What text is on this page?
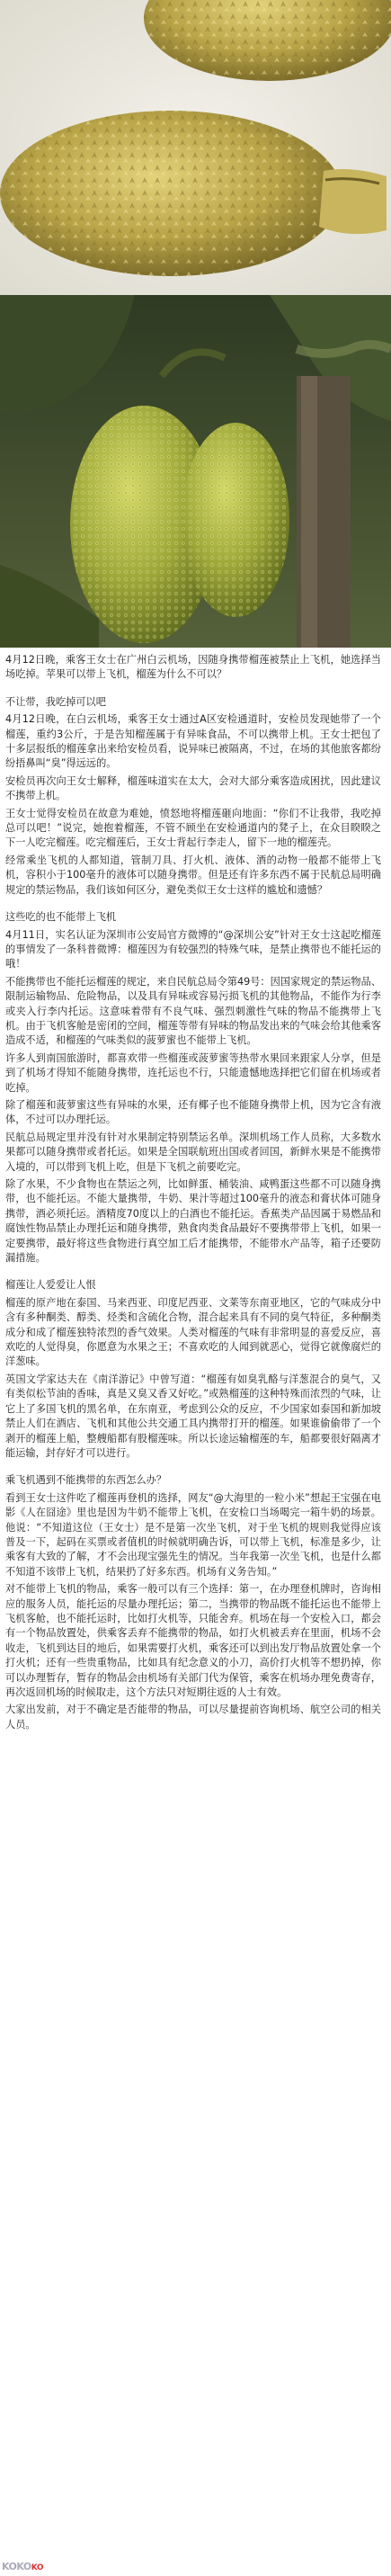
4月12日晚，乘客王女士在广州白云机场，因随身携带榴莲被禁止上飞机，她选择当场吃掉。苹果可以带上飞机，榴莲为什么不可以？

不让带，我吃掉可以吧

4月12日晚，在白云机场，乘客王女士通过A区安检通道时，安检员发现她带了一个榴莲，重约3公斤，于是告知榴莲属于有异味食品，不可以携带上机。王女士把包了十多层报纸的榴莲拿出来给安检员看，说异味已被隔离，不过，在场的其他旅客都纷纷捂鼻叫“臭”得远远的。

安检员再次向王女士解释，榴莲味道实在太大，会对大部分乘客造成困扰，因此建议不携带上机。

王女士觉得安检员在故意为难她，愤怒地将榴莲砸向地面：“你们不让我带，我吃掉总可以吧！”说完，她抱着榴莲，不管不顾坐在安检通道内的凳子上，在众目睽睽之下一人吃完榴莲。吃完榴莲后，王女士背起行李走人，留下一地的榴莲壳。

经常乘坐飞机的人都知道，管制刀具、打火机、液体、酒的动物一般都不能带上飞机，容积小于100毫升的液体可以随身携带。但是还有许多东西不属于民航总局明确规定的禁运物品，我们该如何区分，避免类似王女士这样的尴尬和遗憾？

这些吃的也不能带上飞机

4月11日，实名认证为深圳市公安局官方微博的“@深圳公安”针对王女士这起吃榴莲的事情发了一条科普微博：榴莲因为有较强烈的特殊气味，是禁止携带也不能托运的哦！

不能携带也不能托运榴莲的规定，来自民航总局令第49号：因国家规定的禁运物品、限制运输物品、危险物品，以及具有异味或容易污损飞机的其他物品，不能作为行李或夹入行李内托运。这意味着带有不良气味、强烈刺激性气味的物品不能携带上飞机。由于飞机客舱是密闭的空间，榴莲等带有异味的物品发出来的气味会给其他乘客造成不适，和榴莲的气味类似的菠萝蜜也不能带上飞机。

许多人到南国旅游时，都喜欢带一些榴莲或菠萝蜜等热带水果回来跟家人分享，但是到了机场才得知不能随身携带，连托运也不行，只能遗憾地选择把它们留在机场或者吃掉。

除了榴莲和菠萝蜜这些有异味的水果，还有椰子也不能随身携带上机，因为它含有液体，不过可以办理托运。

民航总局规定里并没有针对水果制定特别禁运名单。深圳机场工作人员称，大多数水果都可以随身携带或者托运。如果是全国联航班出国或者回国，新鲜水果是不能携带入境的，可以带到飞机上吃，但是下飞机之前要吃完。

除了水果，不少食物也在禁运之列，比如鲜蛋、桶装油、咸鸭蛋这些都不可以随身携带，也不能托运。不能大量携带，牛奶、果汁等超过100毫升的液态和膏状体可随身携带，酒必须托运。酒精度70度以上的白酒也不能托运。香蕉类产品因属于易燃品和腐蚀性物品禁止办理托运和随身携带，熟食肉类食品最好不要携带带上飞机，如果一定要携带，最好将这些食物进行真空加工后才能携带，不能带水产品等，箱子还要防漏措施。

榴莲让人爱爱让人恨

榴莲的原产地在泰国、马来西亚、印度尼西亚、文莱等东南亚地区，它的气味成分中含有多种酮类、醇类、烃类和含硫化合物，混合起来具有不同的臭气特征，多种酮类成分和成了榴莲独特浓烈的香气效果。人类对榴莲的气味有非常明显的喜爱反应，喜欢吃的人觉得臭，你愿意为水果之王；不喜欢吃的人闻到就恶心，觉得它就像腐烂的洋葱味。

英国文学家达夫在《南洋游记》中曾写道：“榴莲有如臭乳酪与洋葱混合的臭气，又有类似松节油的香味，真是又臭又香又好吃。”或熟榴莲的这种特殊而浓烈的气味，让它上了多国飞机的黑名单，在东南亚，考虑到公众的反应，不少国家如泰国和新加坡禁止人们在酒店、飞机和其他公共交通工具内携带打开的榴莲。如果谁偷偷带了一个剥开的榴莲上船，整艘船都有股榴莲味。所以长途运输榴莲的车，船都要很好隔离才能运输，封存好才可以进行。

乘飞机遇到不能携带的东西怎么办？

看到王女士这件吃了榴莲再登机的选择，网友“@大海里的一粒小米”想起王宝强在电影《人在囧途》里也是因为牛奶不能带上飞机，在安检口当场喝完一箱牛奶的场景。他说：“不知道这位（王女士）是不是第一次坐飞机，对于坐飞机的规则我觉得应该普及一下，起码在买票或者值机的时候就明确告诉，可以带上飞机，标准是多少，让乘客有大致的了解，才不会出现宝强先生的情况。当年我第一次坐飞机，也是什么都不知道不该带上飞机，结果扔了好多东西。机场有义务告知。”

对不能带上飞机的物品，乘客一般可以有三个选择：第一，在办理登机牌时，咨询相应的服务人员，能托运的尽量办理托运；第二，当携带的物品既不能托运也不能带上飞机客舱，也不能托运时，比如打火机等，只能舍弃。机场在每一个安检入口，都会有一个物品放置处，供乘客丢弃不能携带的物品，如打火机被丢弃在里面，机场不会收走，飞机到达目的地后，如果需要打火机，乘客还可以到出发厅物品放置处拿一个打火机；还有一些贵重物品，比如具有纪念意义的小刀，高价打火机等不想扔掉，你可以办理暂存，暂存的物品会由机场有关部门代为保管，乘客在机场办理免费寄存，再次返回机场的时候取走，这个方法只对短期往返的人士有效。

大家出发前，对于不确定是否能带的物品，可以尽量提前咨询机场、航空公司的相关人员。

KOKOKO
